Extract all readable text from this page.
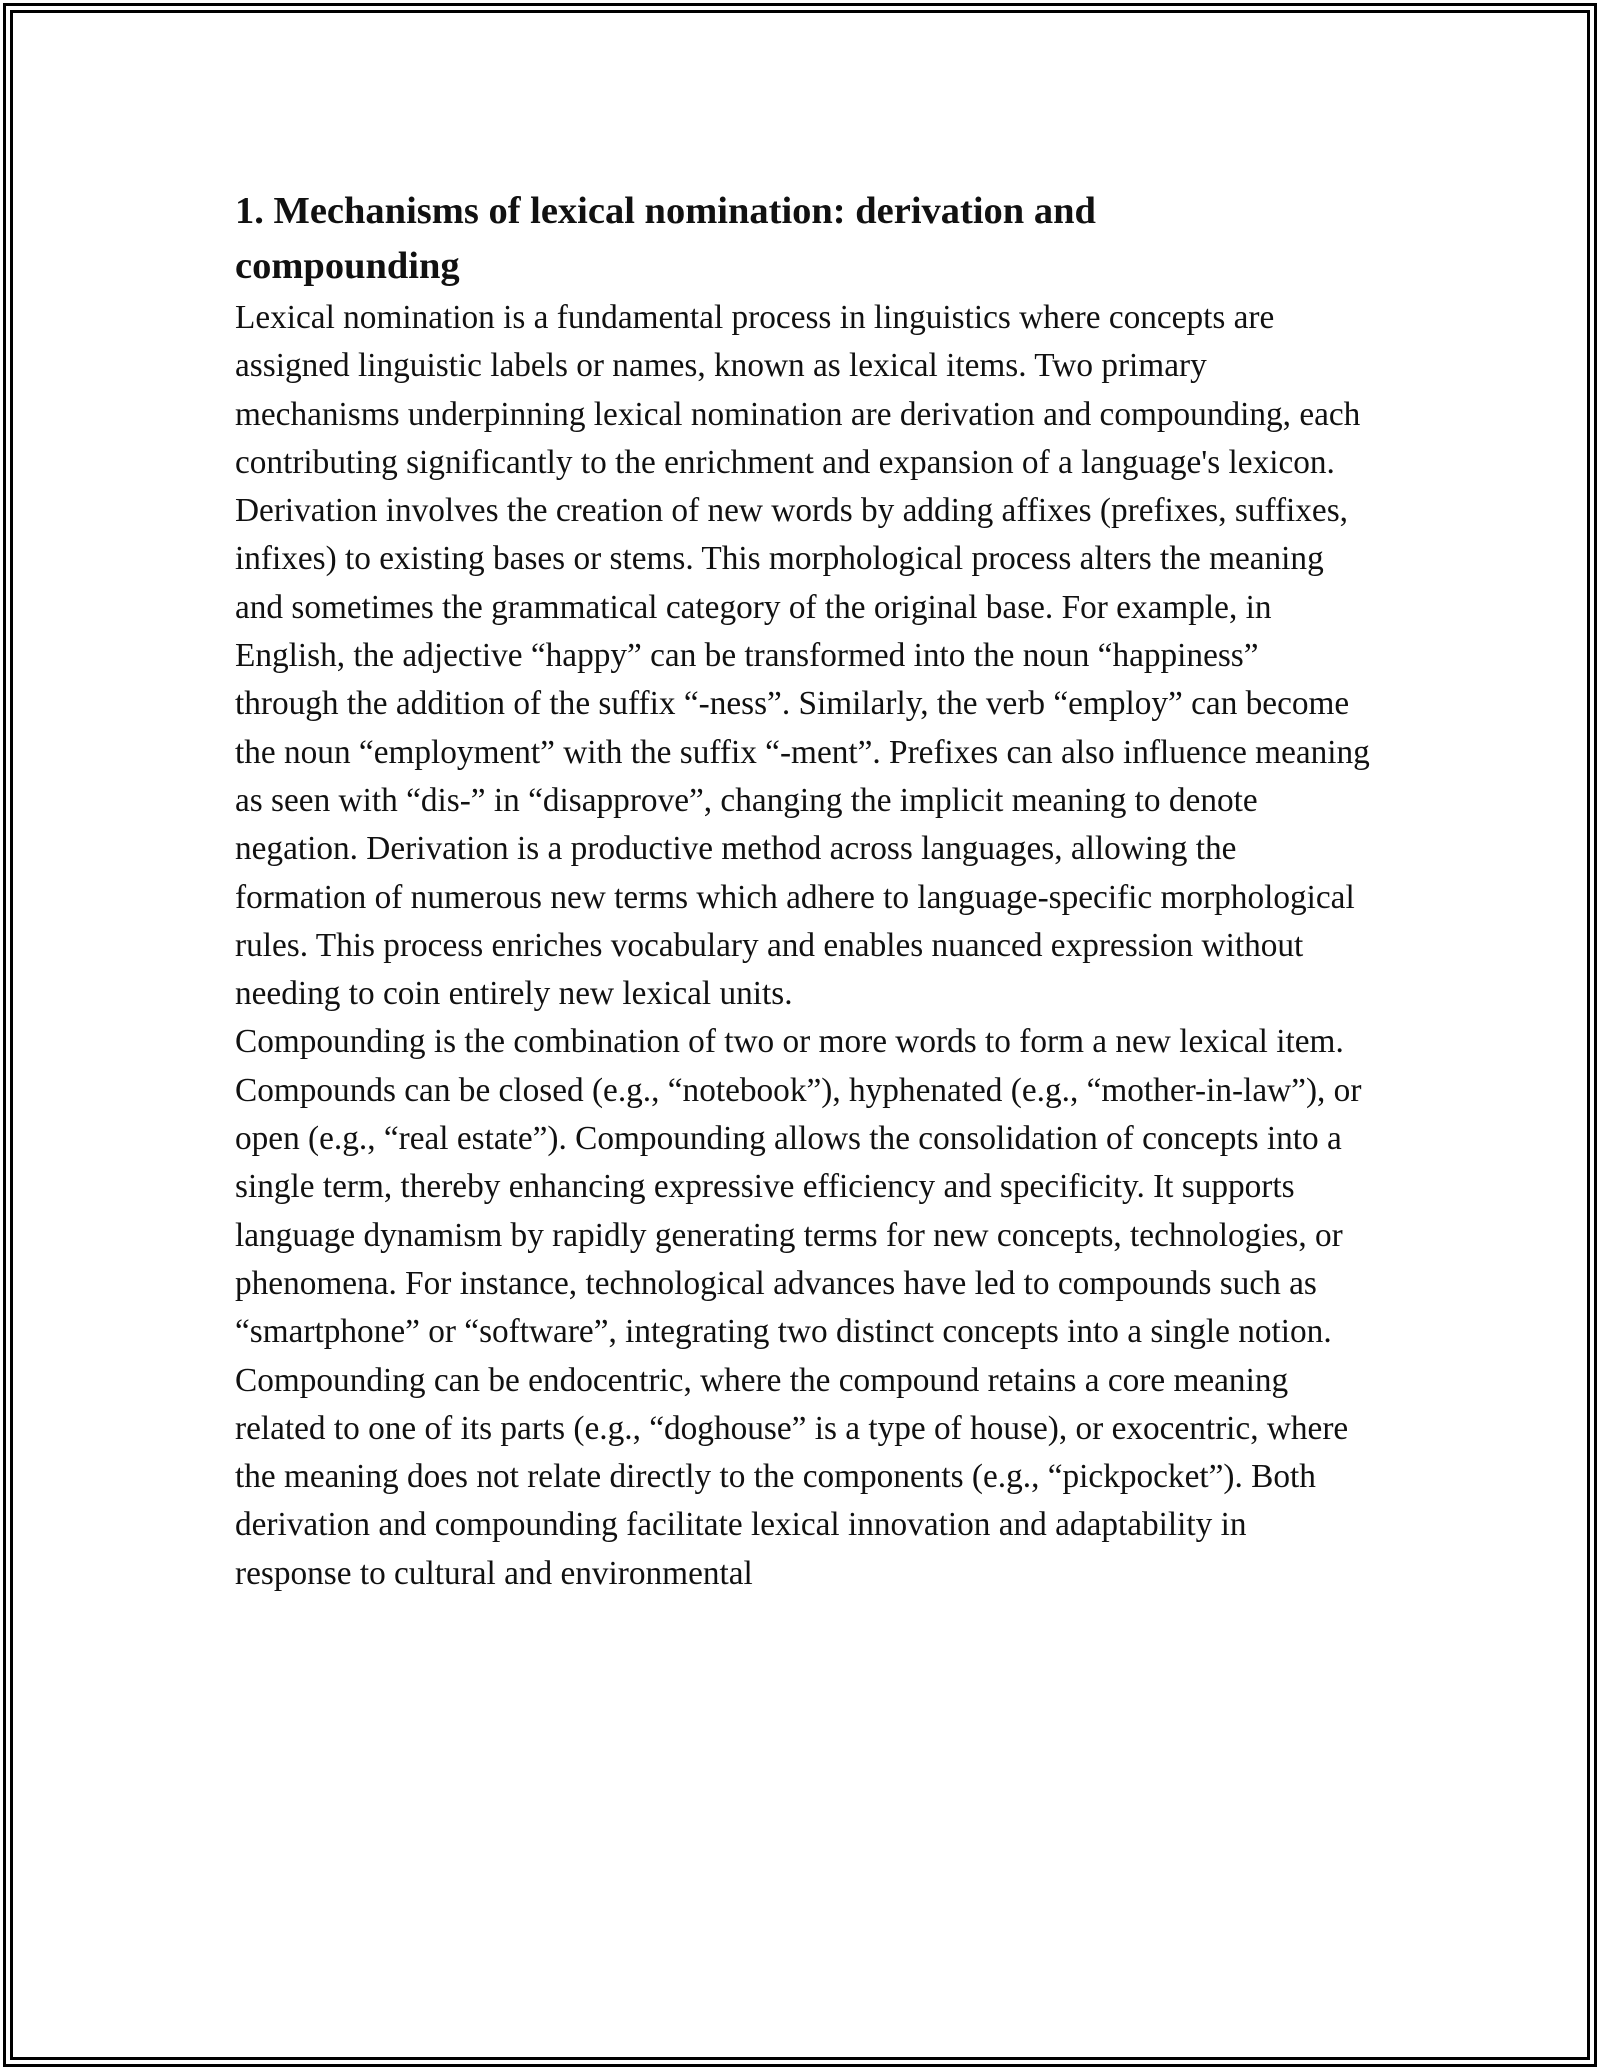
1. Mechanisms of lexical nomination: derivation and compounding

Lexical nomination is a fundamental process in linguistics where concepts are assigned linguistic labels or names, known as lexical items. Two primary mechanisms underpinning lexical nomination are derivation and compounding, each contributing significantly to the enrichment and expansion of a language's lexicon.

Derivation involves the creation of new words by adding affixes (prefixes, suffixes, infixes) to existing bases or stems. This morphological process alters the meaning and sometimes the grammatical category of the original base. For example, in English, the adjective “happy” can be transformed into the noun “happiness” through the addition of the suffix “-ness”. Similarly, the verb “employ” can become the noun “employment” with the suffix “-ment”. Prefixes can also influence meaning as seen with “dis-” in “disapprove”, changing the implicit meaning to denote negation. Derivation is a productive method across languages, allowing the formation of numerous new terms which adhere to language-specific morphological rules. This process enriches vocabulary and enables nuanced expression without needing to coin entirely new lexical units.

Compounding is the combination of two or more words to form a new lexical item. Compounds can be closed (e.g., “notebook”), hyphenated (e.g., “mother-in-law”), or open (e.g., “real estate”). Compounding allows the consolidation of concepts into a single term, thereby enhancing expressive efficiency and specificity. It supports language dynamism by rapidly generating terms for new concepts, technologies, or phenomena. For instance, technological advances have led to compounds such as “smartphone” or “software”, integrating two distinct concepts into a single notion. Compounding can be endocentric, where the compound retains a core meaning related to one of its parts (e.g., “doghouse” is a type of house), or exocentric, where the meaning does not relate directly to the components (e.g., “pickpocket”). Both derivation and compounding facilitate lexical innovation and adaptability in response to cultural and environmental
